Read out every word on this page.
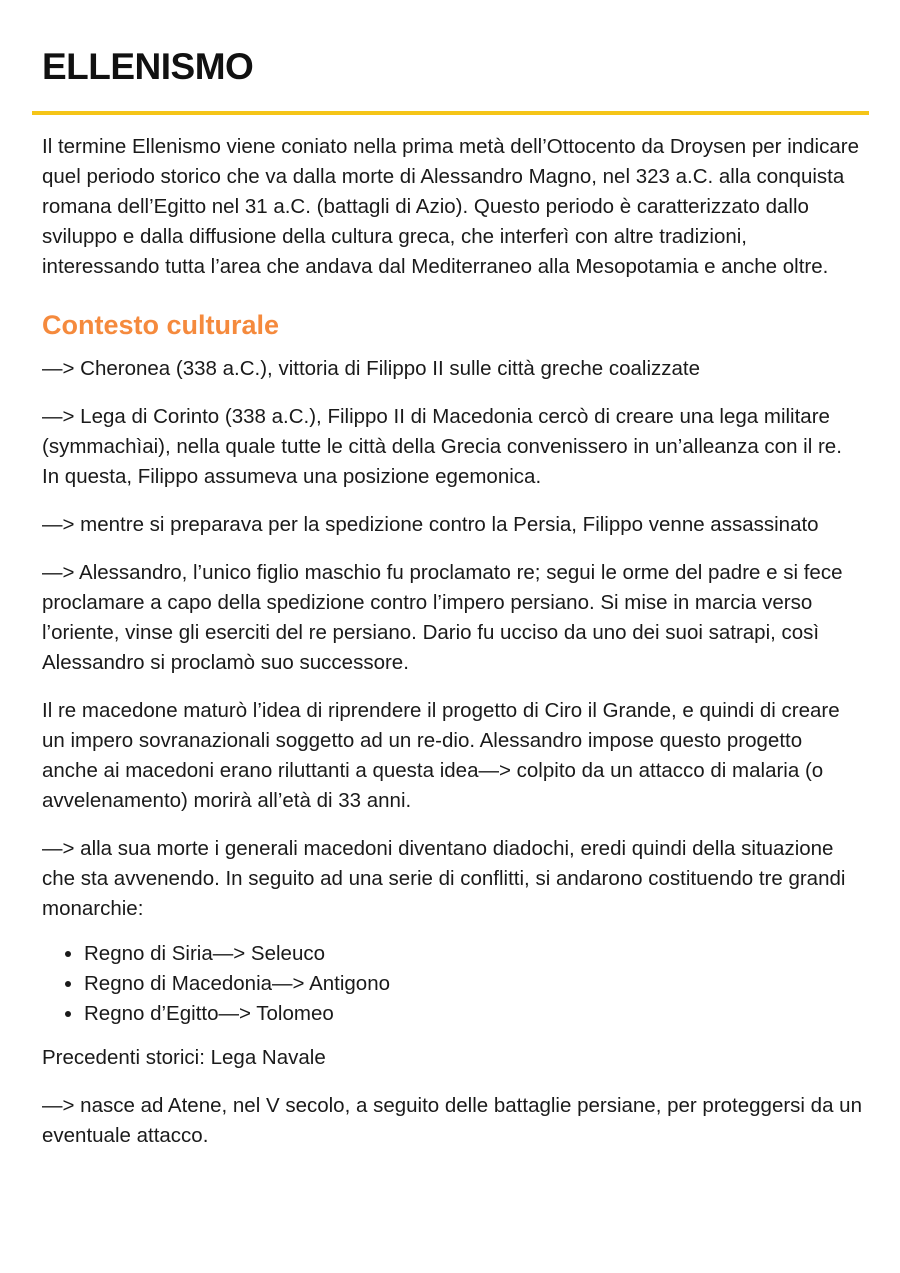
ELLENISMO

Il termine Ellenismo viene coniato nella prima metà dell’Ottocento da Droysen per indicare quel periodo storico che va dalla morte di Alessandro Magno, nel 323 a.C. alla conquista romana dell’Egitto nel 31 a.C. (battagli di Azio). Questo periodo è caratterizzato dallo sviluppo e dalla diffusione della cultura greca, che interferì con altre tradizioni, interessando tutta l’area che andava dal Mediterraneo alla Mesopotamia e anche oltre.

Contesto culturale

—> Cheronea (338 a.C.), vittoria di Filippo II sulle città greche coalizzate

—> Lega di Corinto (338 a.C.), Filippo II di Macedonia cercò di creare una lega militare (symmachìai), nella quale tutte le città della Grecia convenissero in un’alleanza con il re. In questa, Filippo assumeva una posizione egemonica.

—> mentre si preparava per la spedizione contro la Persia, Filippo venne assassinato

—> Alessandro, l’unico figlio maschio fu proclamato re; segui le orme del padre e si fece proclamare a capo della spedizione contro l’impero persiano. Si mise in marcia verso l’oriente, vinse gli eserciti del re persiano. Dario fu ucciso da uno dei suoi satrapi, così Alessandro si proclamò suo successore.

Il re macedone maturò l’idea di riprendere il progetto di Ciro il Grande, e quindi di creare un impero sovranazionali soggetto ad un re-dio. Alessandro impose questo progetto anche ai macedoni erano riluttanti a questa idea—> colpito da un attacco di malaria (o avvelenamento) morirà all’età di 33 anni.

—> alla sua morte i generali macedoni diventano diadochi, eredi quindi della situazione che sta avvenendo. In seguito ad una serie di conflitti, si andarono costituendo tre grandi monarchie:

• Regno di Siria—> Seleuco
• Regno di Macedonia—> Antigono
• Regno d’Egitto—> Tolomeo

Precedenti storici: Lega Navale

—> nasce ad Atene, nel V secolo, a seguito delle battaglie persiane, per proteggersi da un eventuale attacco.
